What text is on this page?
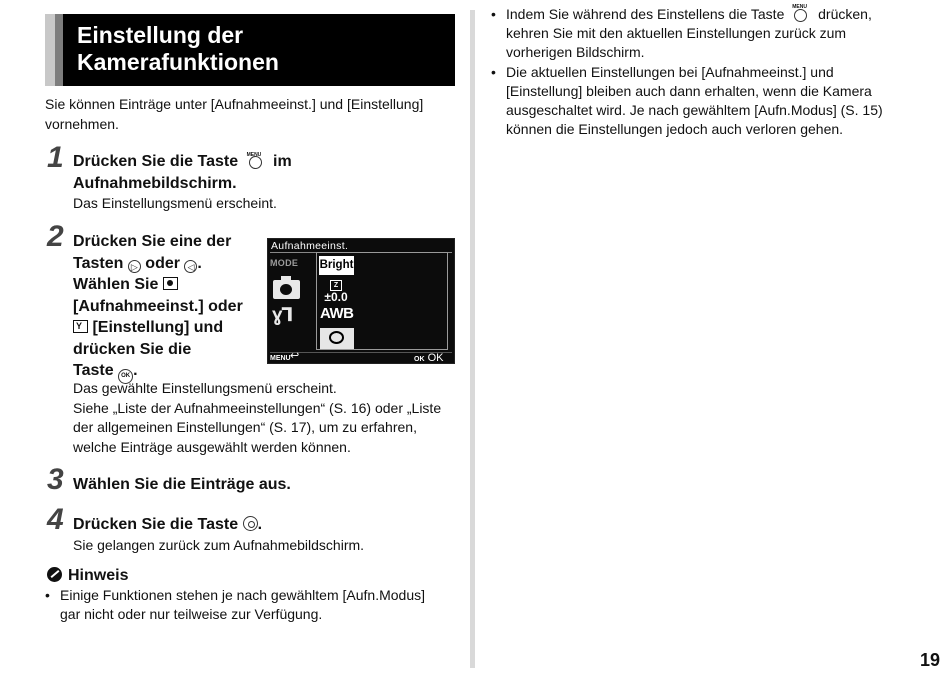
Einstellung der
Kamerafunktionen
Sie können Einträge unter [Aufnahmeeinst.] und [Einstellung] vornehmen.
1 Drücken Sie die Taste MENU im
Aufnahmebildschirm.
Das Einstellungsmenü erscheint.
2 Drücken Sie eine der
Tasten ▷ oder ◁ .
Wählen Sie
[Aufnahmeeinst.] oder
Y [Einstellung] und
drücken Sie die
Taste OK .
Aufnahmeeinst.
MODE
ɣ⅂
Bright
Z
±0.0
AWB
MENU ↩	OK OK
Das gewählte Einstellungsmenü erscheint.
Siehe „Liste der Aufnahmeeinstellungen“ (S. 16) oder „Liste
der allgemeinen Einstellungen“ (S. 17), um zu erfahren,
welche Einträge ausgewählt werden können.
3 Wählen Sie die Einträge aus.
4 Drücken Sie die Taste .
Sie gelangen zurück zum Aufnahmebildschirm.
Hinweis
• Einige Funktionen stehen je nach gewähltem [Aufn.Modus]
gar nicht oder nur teilweise zur Verfügung.
• Indem Sie während des Einstellens die Taste MENU drücken,
kehren Sie mit den aktuellen Einstellungen zurück zum
vorherigen Bildschirm.
• Die aktuellen Einstellungen bei [Aufnahmeeinst.] und
[Einstellung] bleiben auch dann erhalten, wenn die Kamera
ausgeschaltet wird. Je nach gewähltem [Aufn.Modus] (S. 15)
können die Einstellungen jedoch auch verloren gehen.
19
